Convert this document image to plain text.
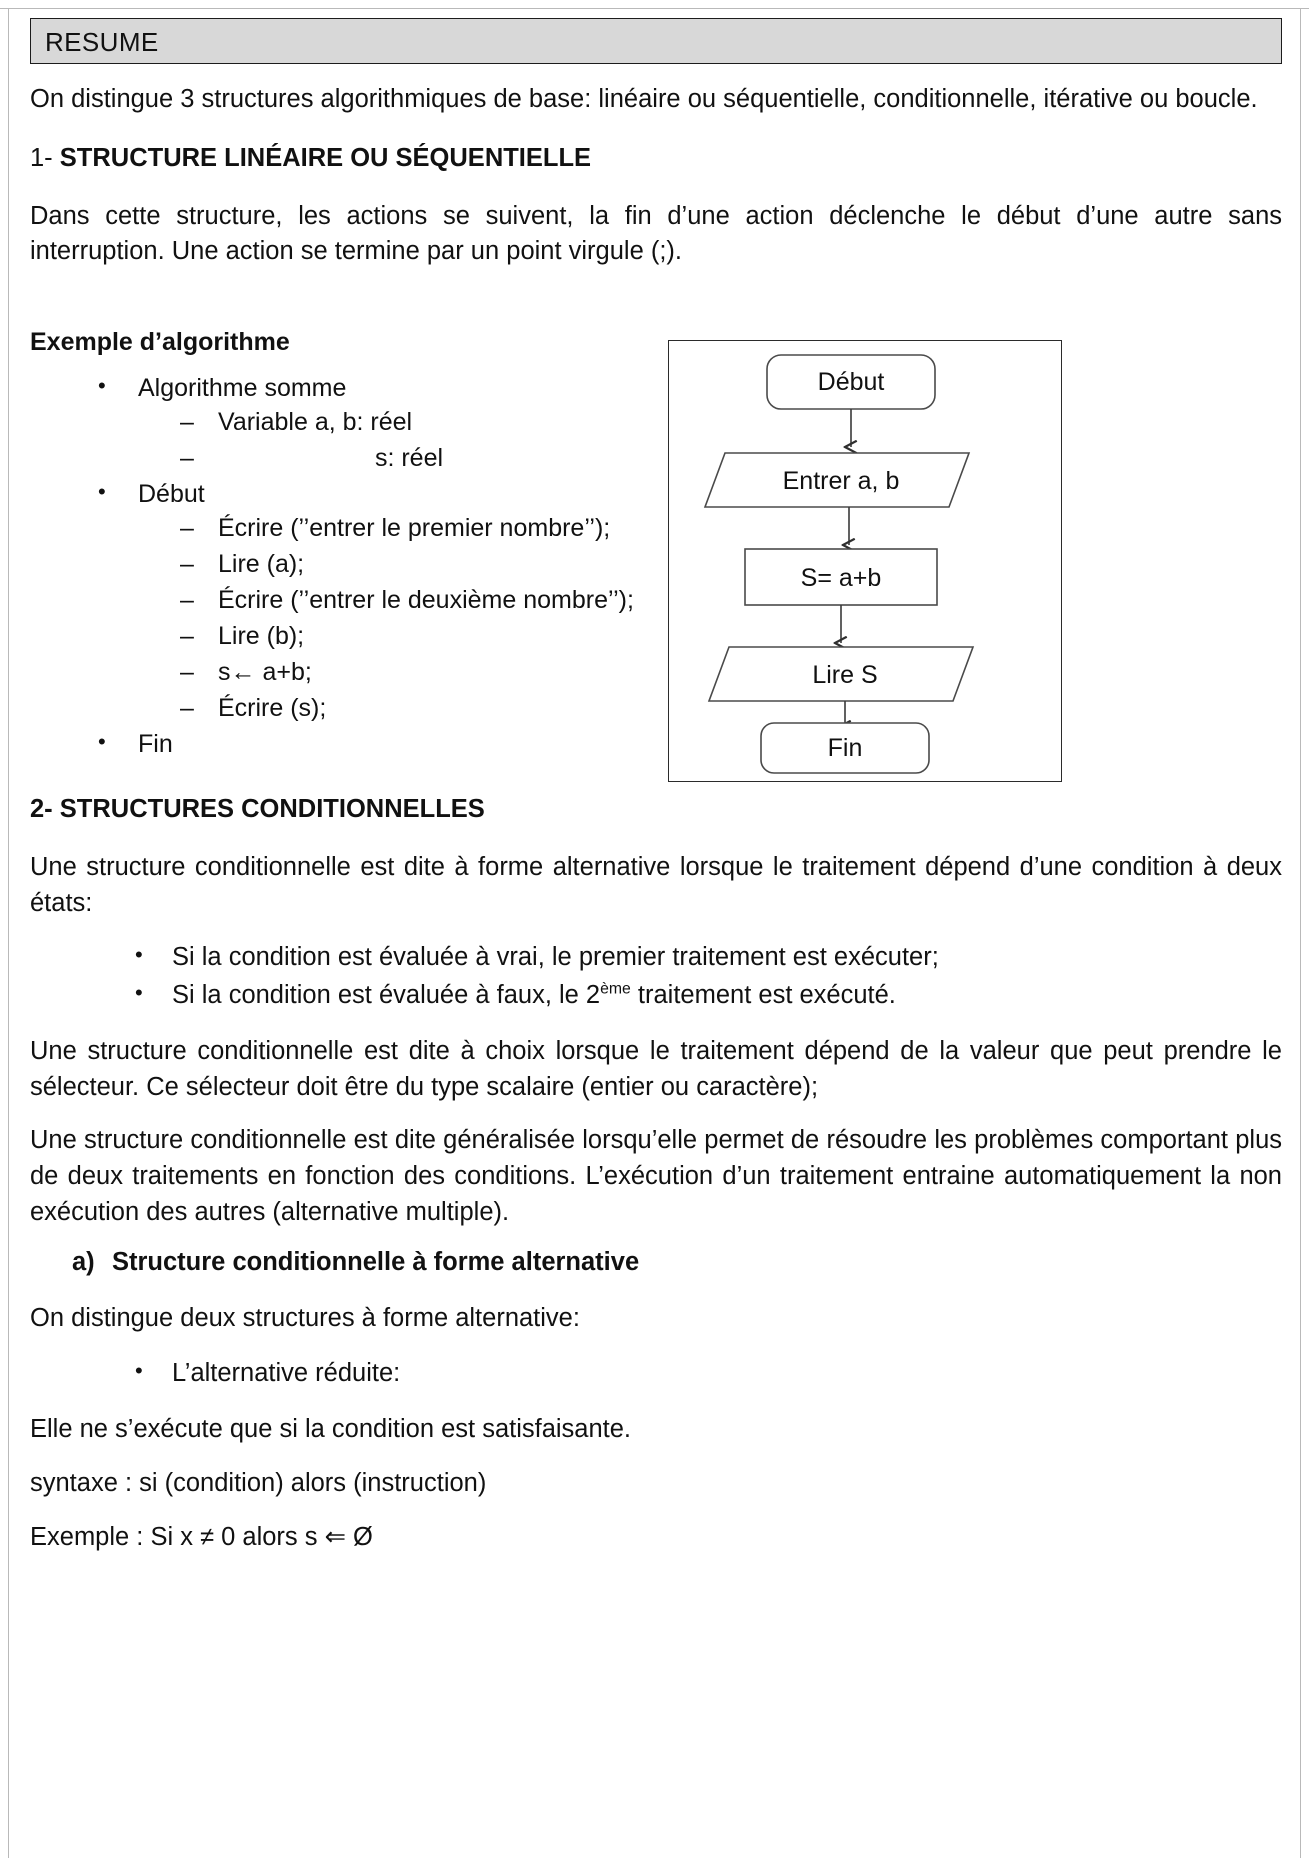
RESUME

On distingue 3 structures algorithmiques de base: linéaire ou séquentielle, conditionnelle, itérative ou boucle.

1- STRUCTURE LINÉAIRE OU SÉQUENTIELLE

Dans cette structure, les actions se suivent, la fin d’une action déclenche le début d’une autre sans interruption. Une action se termine par un point virgule (;).

Exemple d’algorithme
• Algorithme somme
– Variable a, b: réel
–	s: réel
• Début
– Écrire (’’entrer le premier nombre’’);
– Lire (a);
– Écrire (’’entrer le deuxième nombre’’);
– Lire (b);
– s← a+b;
– Écrire (s);
• Fin
2- STRUCTURES CONDITIONNELLES

Une structure conditionnelle est dite à forme alternative lorsque le traitement dépend d’une condition à deux états:

• Si la condition est évaluée à vrai, le premier traitement est exécuter;
• Si la condition est évaluée à faux, le 2ème traitement est exécuté.

Une structure conditionnelle est dite à choix lorsque le traitement dépend de la valeur que peut prendre le sélecteur. Ce sélecteur doit être du type scalaire (entier ou caractère);

Une structure conditionnelle est dite généralisée lorsqu’elle permet de résoudre les problèmes comportant plus de deux traitements en fonction des conditions. L’exécution d’un traitement entraine automatiquement la non exécution des autres (alternative multiple).

a) Structure conditionnelle à forme alternative

On distingue deux structures à forme alternative:

• L’alternative réduite:

Elle ne s’exécute que si la condition est satisfaisante.

syntaxe : si (condition) alors (instruction)

Exemple : Si x ≠ 0 alors s ⇐ Ø

Début
Entrer a, b
S= a+b
Lire S
Fin
